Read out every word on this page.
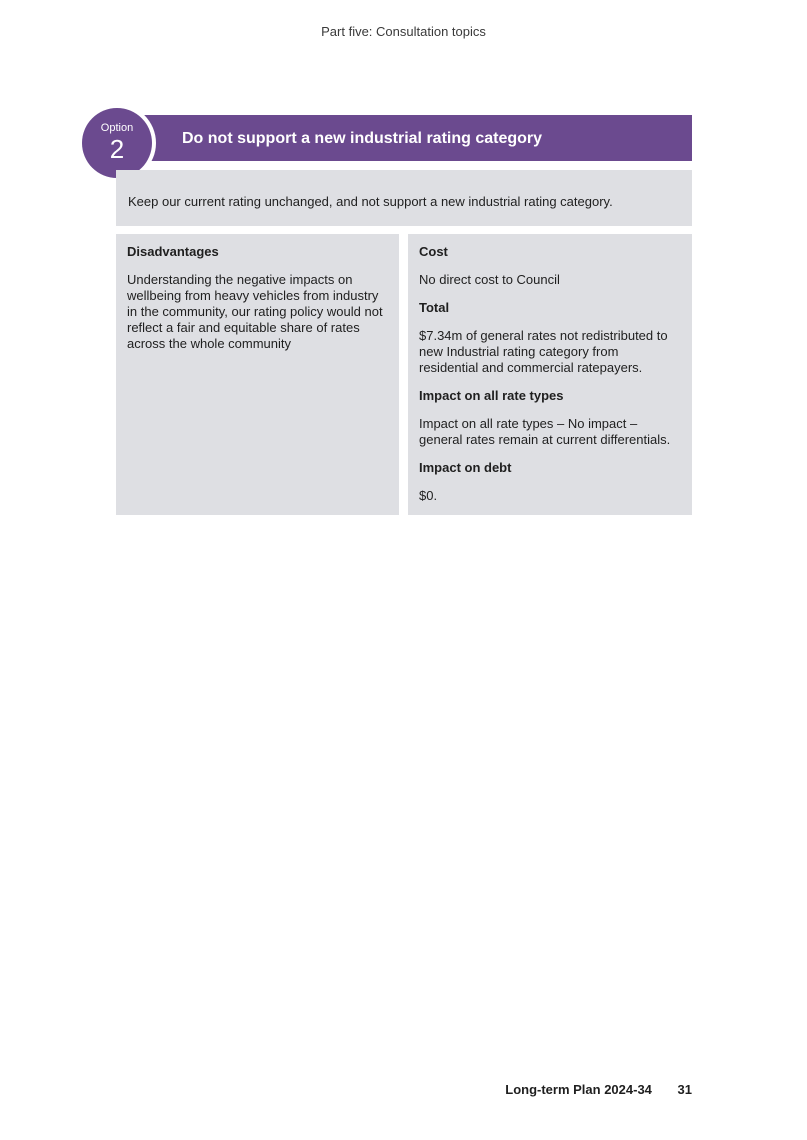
Part five: Consultation topics
Do not support a new industrial rating category
Option
2
Keep our current rating unchanged, and not support a new industrial rating category.
Disadvantages

Understanding the negative impacts on wellbeing from heavy vehicles from industry in the community, our rating policy would not reflect a fair and equitable share of rates across the whole community

Cost

No direct cost to Council

Total

$7.34m of general rates not redistributed to new Industrial rating category from residential and commercial ratepayers.

Impact on all rate types

Impact on all rate types – No impact – general rates remain at current differentials.

Impact on debt

$0.

Long-term Plan 2024-34 31
